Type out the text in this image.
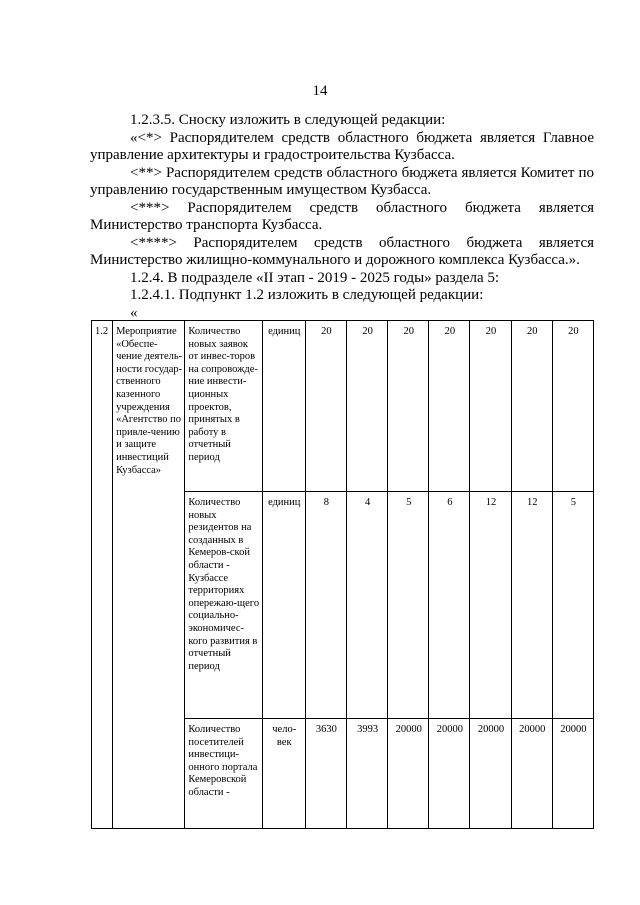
14

1.2.3.5. Сноску изложить в следующей редакции:

«<*> Распорядителем средств областного бюджета является Главное
управление архитектуры и градостроительства Кузбасса.

<**> Распорядителем средств областного бюджета является Комитет по
управлению государственным имуществом Кузбасса.

<***> Распорядителем средств областного бюджета является
Министерство транспорта Кузбасса.

<****> Распорядителем средств областного бюджета является
Министерство жилищно-коммунального и дорожного комплекса Кузбасса.».

1.2.4. В подразделе «II этап - 2019 - 2025 годы» раздела 5:

1.2.4.1. Подпункт 1.2 изложить в следующей редакции:

«

1.2	Мероприятие «Обеспе-чение деятель-ности государ-ственного казенного учреждения «Агентство по привле-чению и защите инвестиций Кузбасса»	Количество новых заявок от инвес-торов на сопровожде-ние инвести-ционных проектов, принятых в работу в отчетный период	единиц	20	20	20	20	20	20	20
		Количество новых резидентов на созданных в Кемеров-ской области - Кузбассе территориях опережаю-щего социально-экономичес-кого развития в отчетный период	единиц	8	4	5	6	12	12	5
		Количество посетителей инвестици-онного портала Кемеровской области -	чело-век	3630	3993	20000	20000	20000	20000	20000
